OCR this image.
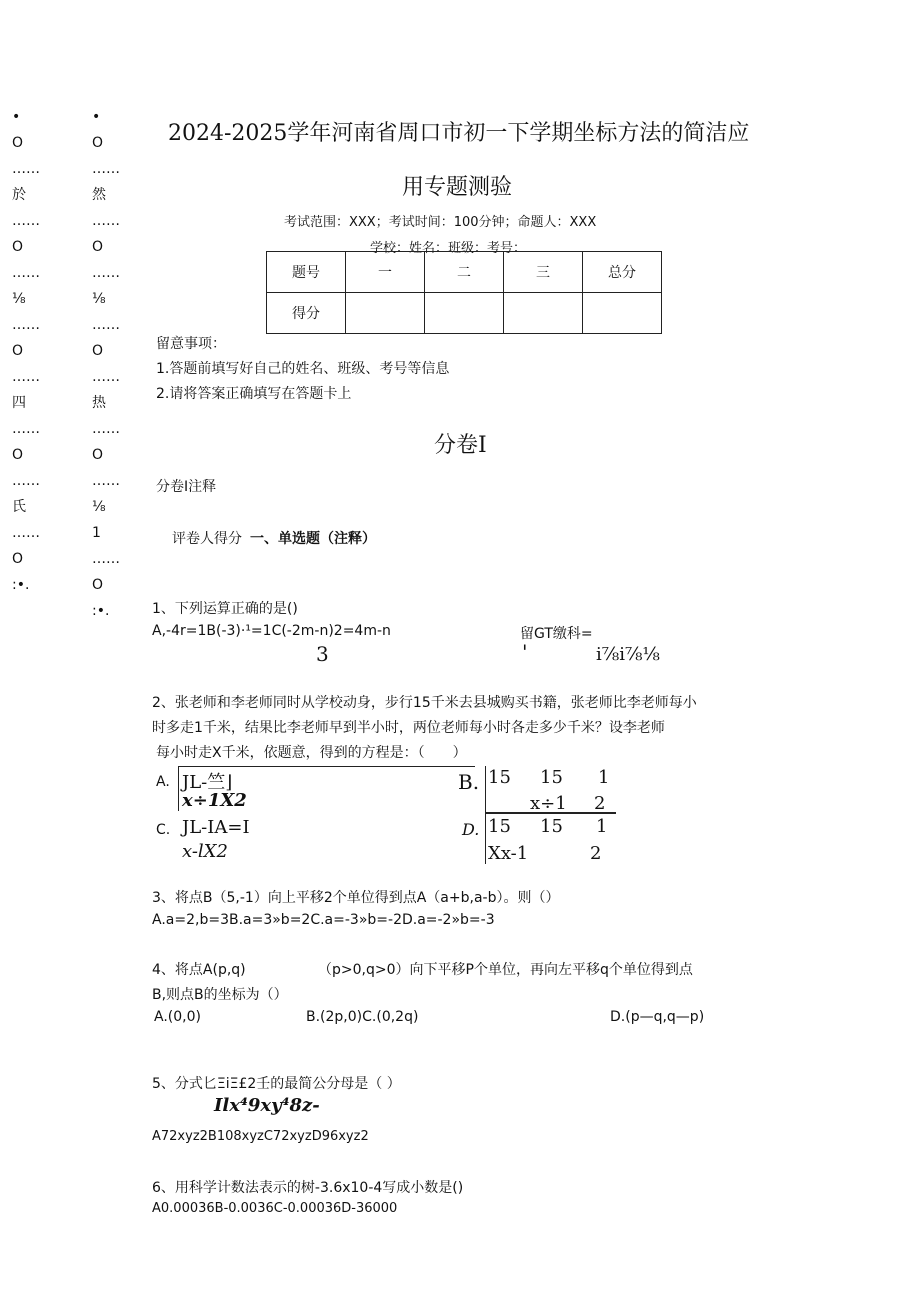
•
O
……
於
……
O
……
⅛
……
O
……
四
……
O
……
氏
……
O
:•.
•
O
……
然
……
O
……
⅛
……
O
……
热
……
O
……
⅛
1
……
O
:•.
2024-2025学年河南省周口市初一下学期坐标方法的简洁应
用专题测验
考试范围：XXX；考试时间：100分钟；命题人：XXX
学校：姓名：班级：考号：
题号	一	二	三	总分
得分				
留意事项：
1.答题前填写好自己的姓名、班级、考号等信息
2.请将答案正确填写在答题卡上
分卷I
分卷I注释
评卷人得分 一、单选题（注释）
1、下列运算正确的是()
A,-4r=1B(-3)·¹=1C(-2m-n)2=4m-n
3
留GT缴科=
'	i⅞i⅞⅛
2、张老师和李老师同时从学校动身，步行15千米去县城购买书籍，张老师比李老师每小
时多走1千米，结果比李老师早到半小时，两位老师每小时各走多少千米？设李老师
每小时走X千米，依题意，得到的方程是：（　　）
A. JL-竺⌋
x÷1X2
B. 15 15 1
x÷1 2
C. JL-IA=I
x-lX2
D. 15 15 1
Xx-1	2
3、将点B（5,-1）向上平移2个单位得到点A（a+b,a-b）。则（）
A.a=2,b=3B.a=3»b=2C.a=-3»b=-2D.a=-2»b=-3
4、将点A(p,q)	（p>0,q>0）向下平移P个单位，再向左平移q个单位得到点
B,则点B的坐标为（）
A.(0,0)	B.(2p,0)C.(0,2q)	D.(p—q,q—p)
5、分式匕ΞiΞ£2壬的最简公分母是（ ）
Ilx⁴9xy⁴8z-
A72xyz2B108xyzC72xyzD96xyz2
6、用科学计数法表示的树-3.6x10-4写成小数是()
A0.00036B-0.0036C-0.00036D-36000
